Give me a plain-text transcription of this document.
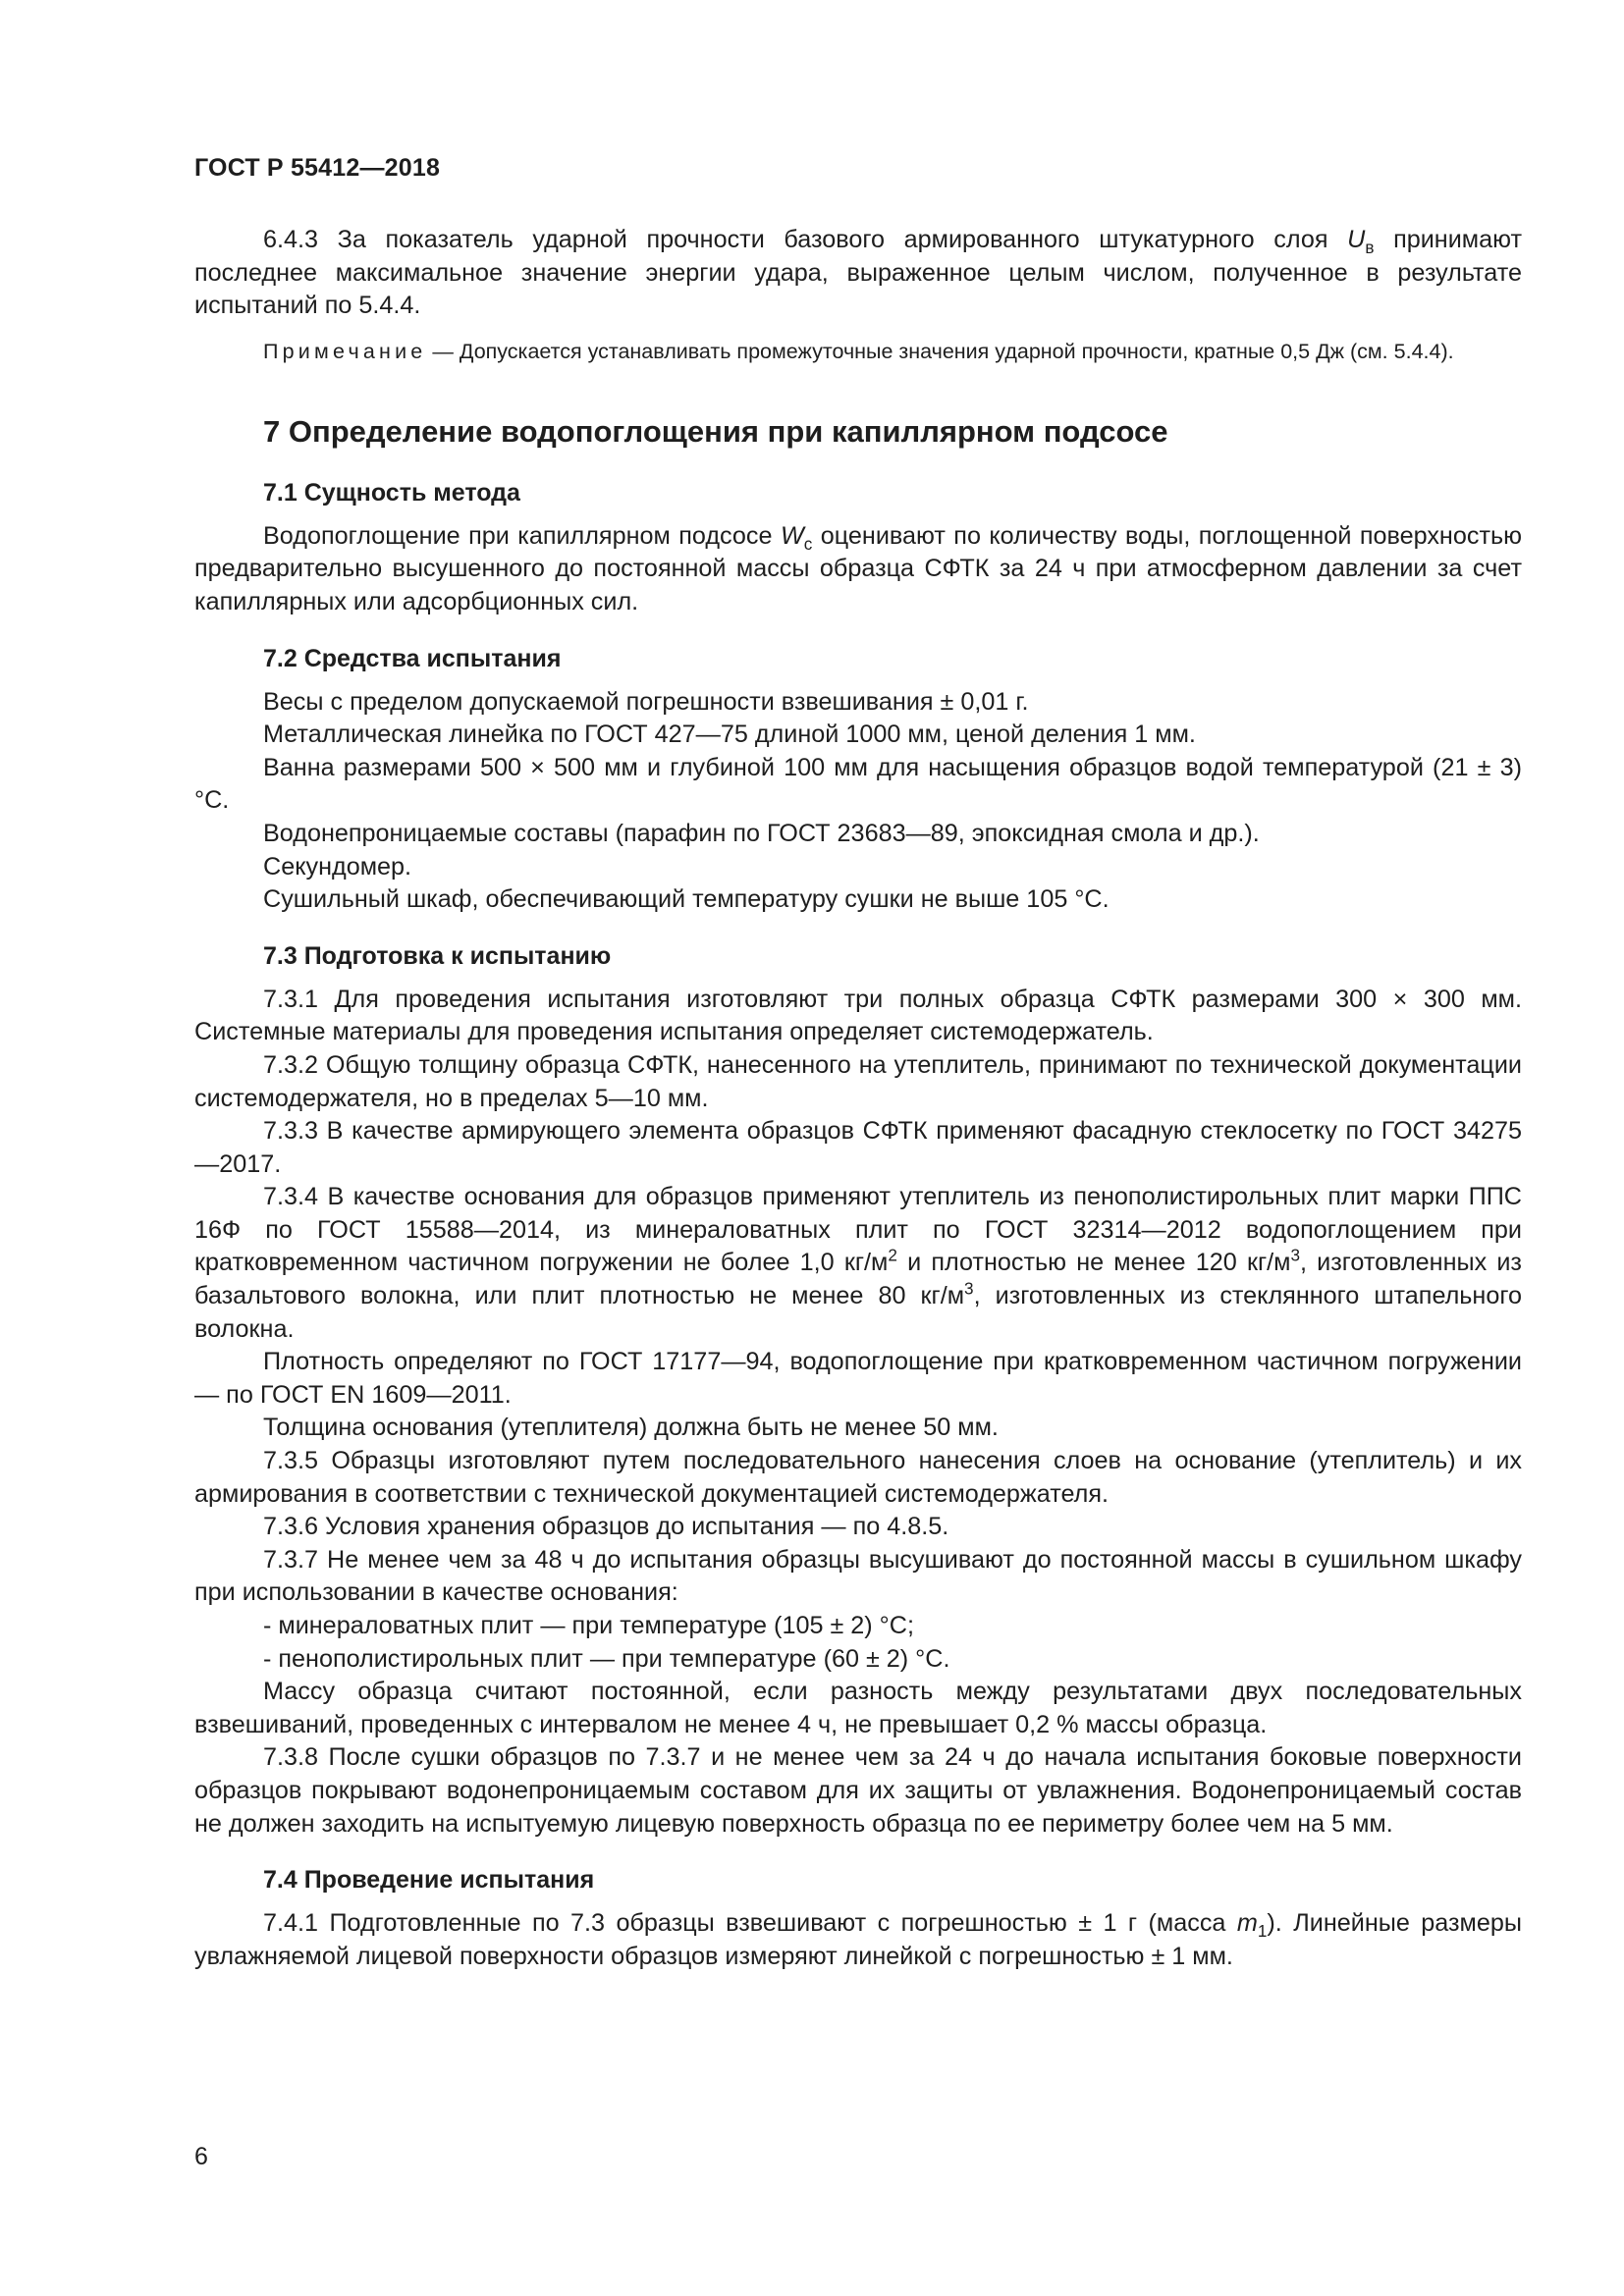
ГОСТ Р 55412—2018

6.4.3 За показатель ударной прочности базового армированного штукатурного слоя $U_в$ принимают последнее максимальное значение энергии удара, выраженное целым числом, полученное в результате испытаний по 5.4.4.

Примечание — Допускается устанавливать промежуточные значения ударной прочности, кратные 0,5 Дж (см. 5.4.4).

7 Определение водопоглощения при капиллярном подсосе
7.1 Сущность метода

Водопоглощение при капиллярном подсосе $W_с$ оценивают по количеству воды, поглощенной поверхностью предварительно высушенного до постоянной массы образца СФТК за 24 ч при атмосферном давлении за счет капиллярных или адсорбционных сил.

7.2 Средства испытания

Весы с пределом допускаемой погрешности взвешивания ± 0,01 г.

Металлическая линейка по ГОСТ 427—75 длиной 1000 мм, ценой деления 1 мм.

Ванна размерами 500 × 500 мм и глубиной 100 мм для насыщения образцов водой температурой (21 ± 3) °С.

Водонепроницаемые составы (парафин по ГОСТ 23683—89, эпоксидная смола и др.).

Секундомер.

Сушильный шкаф, обеспечивающий температуру сушки не выше 105 °С.

7.3 Подготовка к испытанию

7.3.1 Для проведения испытания изготовляют три полных образца СФТК размерами 300 × 300 мм. Системные материалы для проведения испытания определяет системодержатель.

7.3.2 Общую толщину образца СФТК, нанесенного на утеплитель, принимают по технической документации системодержателя, но в пределах 5—10 мм.

7.3.3 В качестве армирующего элемента образцов СФТК применяют фасадную стеклосетку по ГОСТ 34275—2017.

7.3.4 В качестве основания для образцов применяют утеплитель из пенополистирольных плит марки ППС 16Ф по ГОСТ 15588—2014, из минераловатных плит по ГОСТ 32314—2012 водопоглощением при кратковременном частичном погружении не более 1,0 $кг/м^2$ и плотностью не менее 120 $кг/м^3$, изготовленных из базальтового волокна, или плит плотностью не менее 80 $кг/м^3$, изготовленных из стеклянного штапельного волокна.

Плотность определяют по ГОСТ 17177—94, водопоглощение при кратковременном частичном погружении — по ГОСТ EN 1609—2011.

Толщина основания (утеплителя) должна быть не менее 50 мм.

7.3.5 Образцы изготовляют путем последовательного нанесения слоев на основание (утеплитель) и их армирования в соответствии с технической документацией системодержателя.

7.3.6 Условия хранения образцов до испытания — по 4.8.5.

7.3.7 Не менее чем за 48 ч до испытания образцы высушивают до постоянной массы в сушильном шкафу при использовании в качестве основания:

- минераловатных плит — при температуре (105 ± 2) °С;

- пенополистирольных плит — при температуре (60 ± 2) °С.

Массу образца считают постоянной, если разность между результатами двух последовательных взвешиваний, проведенных с интервалом не менее 4 ч, не превышает 0,2 % массы образца.

7.3.8 После сушки образцов по 7.3.7 и не менее чем за 24 ч до начала испытания боковые поверхности образцов покрывают водонепроницаемым составом для их защиты от увлажнения. Водонепроницаемый состав не должен заходить на испытуемую лицевую поверхность образца по ее периметру более чем на 5 мм.

7.4 Проведение испытания

7.4.1 Подготовленные по 7.3 образцы взвешивают с погрешностью ± 1 г (масса $m_1$). Линейные размеры увлажняемой лицевой поверхности образцов измеряют линейкой с погрешностью ± 1 мм.

6
